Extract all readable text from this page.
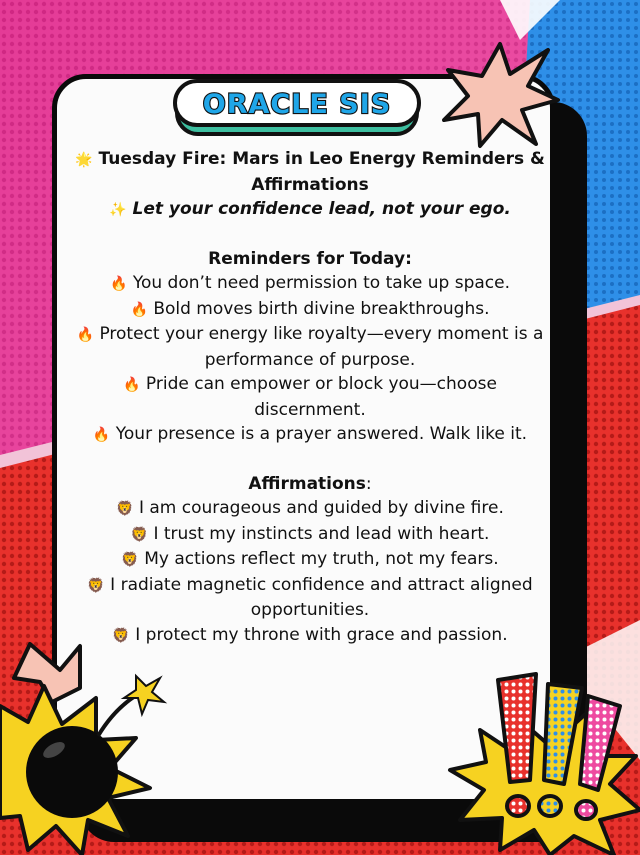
ORACLE SIS

🌟 Tuesday Fire: Mars in Leo Energy Reminders & Affirmations

✨ Let your confidence lead, not your ego.

Reminders for Today:

🔥 You don’t need permission to take up space.

🔥 Bold moves birth divine breakthroughs.

🔥 Protect your energy like royalty—every moment is a performance of purpose.

🔥 Pride can empower or block you—choose discernment.

🔥 Your presence is a prayer answered. Walk like it.

Affirmations:

🦁 I am courageous and guided by divine fire.

🦁 I trust my instincts and lead with heart.

🦁 My actions reflect my truth, not my fears.

🦁 I radiate magnetic confidence and attract aligned opportunities.

🦁 I protect my throne with grace and passion.
